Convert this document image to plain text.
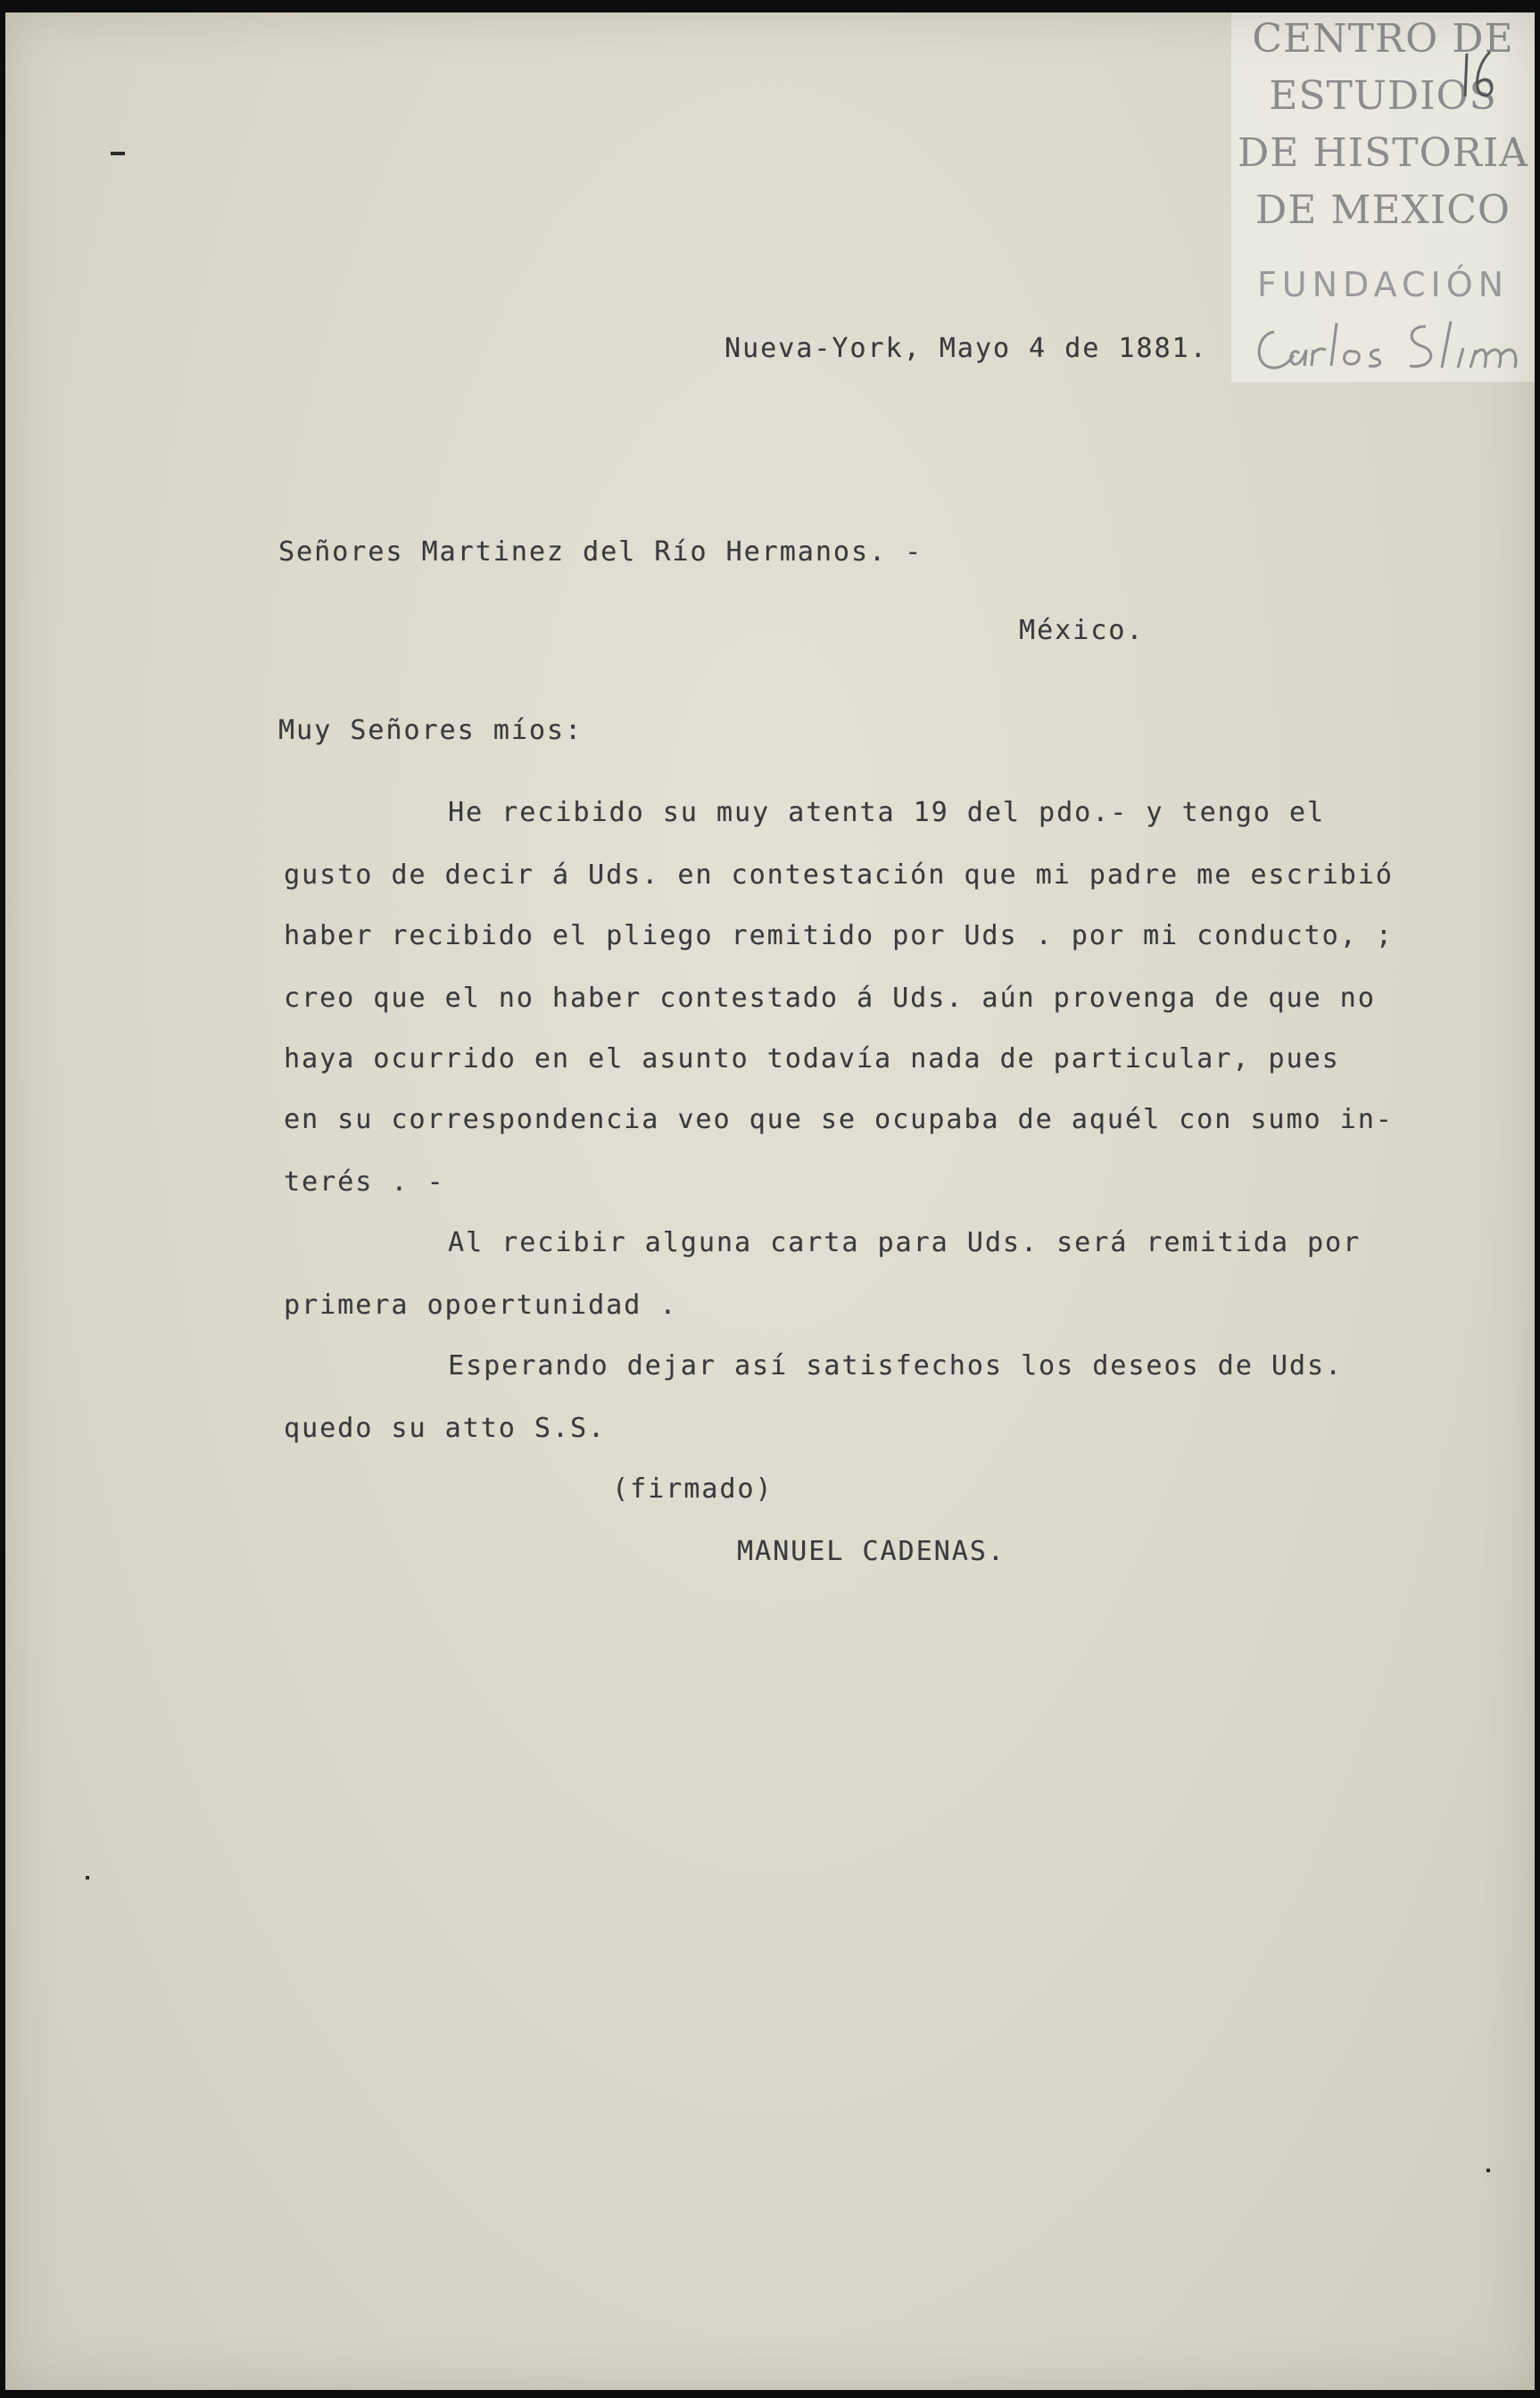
CENTRO DE
ESTUDIOS
DE HISTORIA
DE MEXICO
FUNDACIÓN
Nueva-York, Mayo 4 de 1881.
Señores Martinez del Río Hermanos. -
México.
Muy Señores míos:
He recibido su muy atenta 19 del pdo.- y tengo el
gusto de decir á Uds. en contestación que mi padre me escribió
haber recibido el pliego remitido por Uds . por mi conducto, ;
creo que el no haber contestado á Uds. aún provenga de que no
haya ocurrido en el asunto todavía nada de particular, pues
en su correspondencia veo que se ocupaba de aquél con sumo in-
terés . -
Al recibir alguna carta para Uds. será remitida por
primera opoertunidad .
Esperando dejar así satisfechos los deseos de Uds.
quedo su atto S.S.
(firmado)
MANUEL CADENAS.
